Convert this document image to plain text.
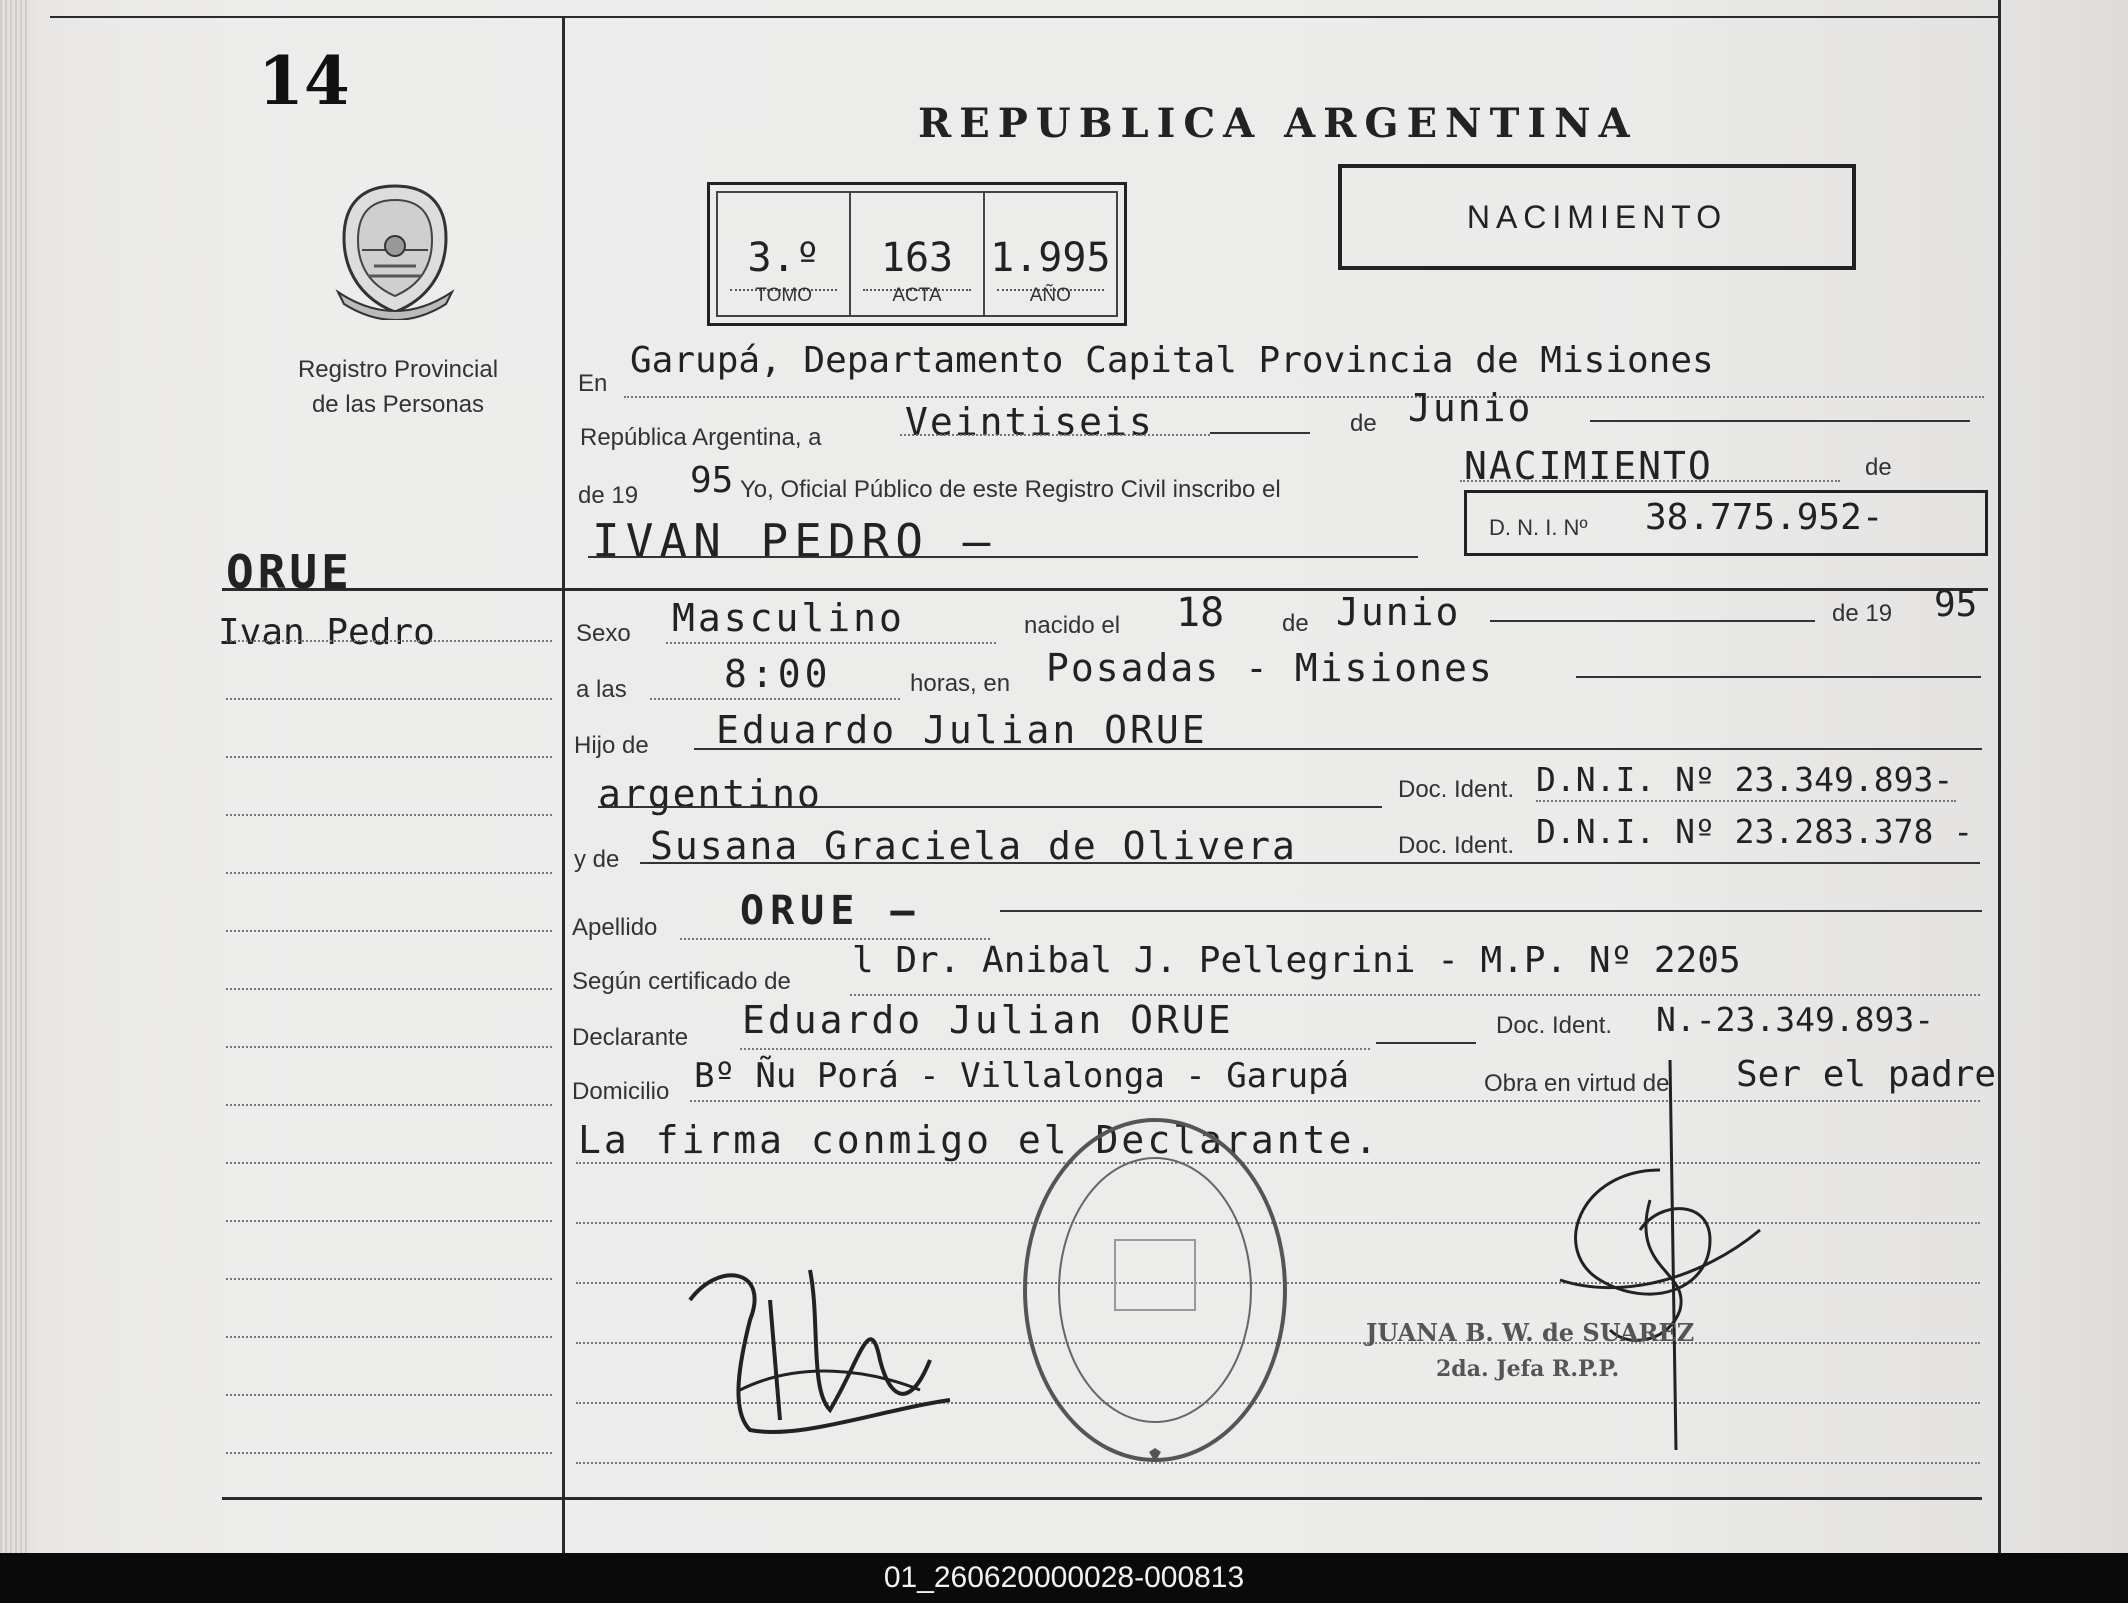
14
Registro Provincial
de las Personas
ORUE
Ivan Pedro
REPUBLICA ARGENTINA
3.º
TOMO
163
ACTA
1.995
AÑO
NACIMIENTO
En
Garupá, Departamento Capital Provincia de Misiones
República Argentina, a Veintiseis	de Junio
de 19 95 Yo, Oficial Público de este Registro Civil inscribo el
NACIMIENTO	de
IVAN PEDRO —	D. N. I. Nº 38.775.952-
Sexo Masculino	nacido el 18 de Junio	de 19 95
a las	8:00	horas, en Posadas - Misiones
Hijo de Eduardo Julian ORUE
argentino	Doc. Ident. D.N.I. Nº 23.349.893-
y de Susana Graciela de Olivera	Doc. Ident. D.N.I. Nº 23.283.378 -
Apellido ORUE —
Según certificado de
l Dr. Anibal J. Pellegrini - M.P. Nº 2205
Declarante Eduardo Julian ORUE	Doc. Ident. N.-23.349.893-
Domicilio Bº Ñu Porá - Villalonga - Garupá	Obra en virtud de Ser el padre
La firma conmigo el Declarante.
JUANA B. W. de SUAREZ
2da. Jefa R.P.P.
01_260620000028-000813
